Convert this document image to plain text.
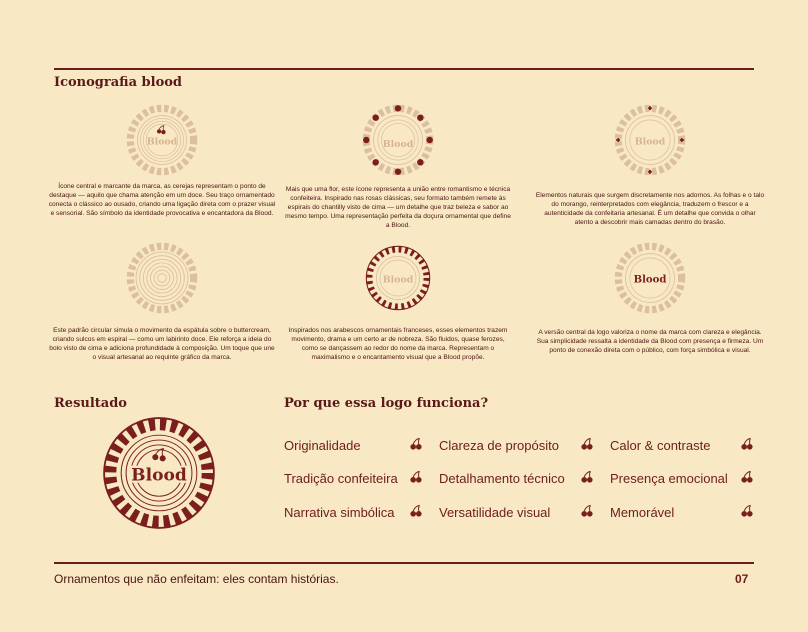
Iconografia blood
Blood	Blood	Blood
Ícone central e marcante da marca, as cerejas representam o ponto de destaque — aquilo que chama atenção em um doce. Seu traço ornamentado conecta o clássico ao ousado, criando uma ligação direta com o prazer visual e sensorial. São símbolo da identidade provocativa e encantadora da Blood.
Mais que uma flor, este ícone representa a união entre romantismo e técnica confeiteira. Inspirado nas rosas clássicas, seu formato também remete às espirais do chantilly visto de cima — um detalhe que traz beleza e sabor ao mesmo tempo. Uma representação perfeita da doçura ornamental que define a Blood.
Elementos naturais que surgem discretamente nos adornos. As folhas e o talo do morango, reinterpretados com elegância, traduzem o frescor e a autenticidade da confeitaria artesanal. É um detalhe que convida o olhar atento a descobrir mais camadas dentro do brasão.
Blood	Blood
Este padrão circular simula o movimento da espátula sobre o buttercream, criando sulcos em espiral — como um labirinto doce. Ele reforça a ideia do bolo visto de cima e adiciona profundidade à composição. Um toque que une o visual artesanal ao requinte gráfico da marca.
Inspirados nos arabescos ornamentais franceses, esses elementos trazem movimento, drama e um certo ar de nobreza. São fluidos, quase ferozes, como se dançassem ao redor do nome da marca. Representam o maximalismo e o encantamento visual que a Blood propõe.
A versão central da logo valoriza o nome da marca com clareza e elegância. Sua simplicidade ressalta a identidade da Blood com presença e firmeza. Um ponto de conexão direta com o público, com força simbólica e visual.
Resultado
Blood
Por que essa logo funciona?
Originalidade	Clareza de propósito	Calor & contraste
Tradição confeiteira	Detalhamento técnico	Presença emocional
Narrativa simbólica	Versatilidade visual	Memorável
Ornamentos que não enfeitam: eles contam histórias.	07
